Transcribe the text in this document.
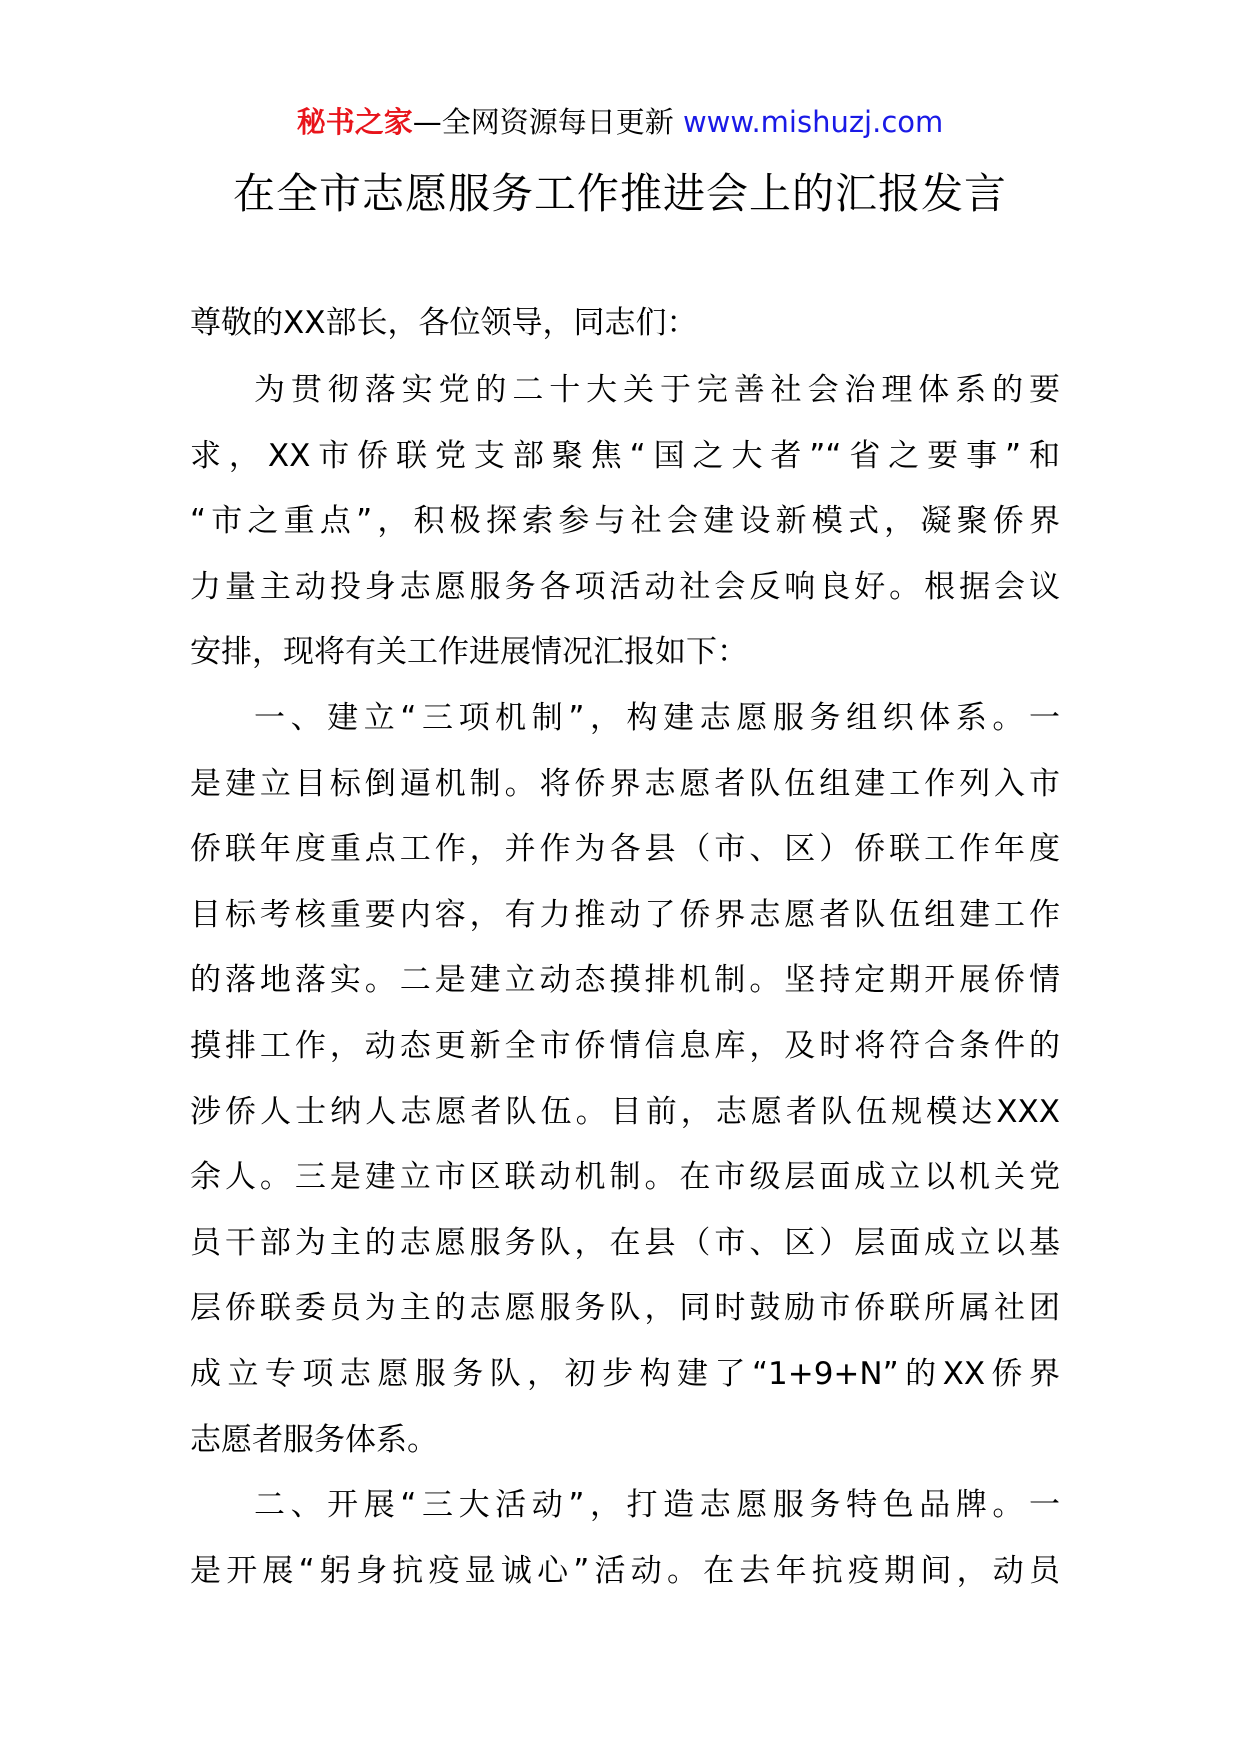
秘书之家—全网资源每日更新 www.mishuzj.com
在全市志愿服务工作推进会上的汇报发言
尊敬的XX部长，各位领导，同志们：
为贯彻落实党的二十大关于完善社会治理体系的要
求，XX市侨联党支部聚焦“国之大者”“省之要事”和
“市之重点”，积极探索参与社会建设新模式，凝聚侨界
力量主动投身志愿服务各项活动社会反响良好。根据会议
安排，现将有关工作进展情况汇报如下：
一、建立“三项机制”，构建志愿服务组织体系。一
是建立目标倒逼机制。将侨界志愿者队伍组建工作列入市
侨联年度重点工作，并作为各县（市、区）侨联工作年度
目标考核重要内容，有力推动了侨界志愿者队伍组建工作
的落地落实。二是建立动态摸排机制。坚持定期开展侨情
摸排工作，动态更新全市侨情信息库，及时将符合条件的
涉侨人士纳人志愿者队伍。目前，志愿者队伍规模达XXX
余人。三是建立市区联动机制。在市级层面成立以机关党
员干部为主的志愿服务队，在县（市、区）层面成立以基
层侨联委员为主的志愿服务队，同时鼓励市侨联所属社团
成立专项志愿服务队，初步构建了“1+9+N”的XX侨界
志愿者服务体系。
二、开展“三大活动”，打造志愿服务特色品牌。一
是开展“躬身抗疫显诚心”活动。在去年抗疫期间，动员
